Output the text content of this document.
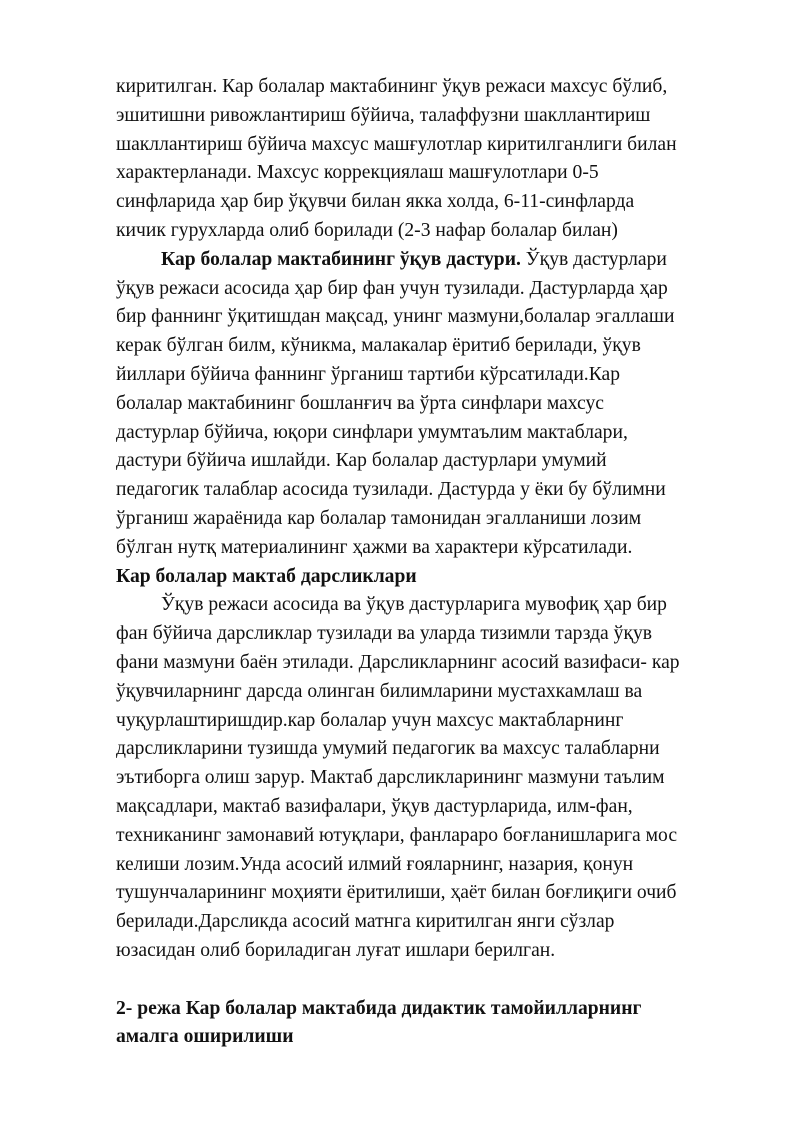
киритилган. Кар болалар мактабининг ўқув режаси махсус бўлиб,
эшитишни ривожлантириш бўйича, талаффузни шакллантириш
шакллантириш бўйича махсус машғулотлар киритилганлиги билан
характерланади. Махсус коррекциялаш машғулотлари 0-5
синфларида ҳар бир ўқувчи билан якка холда, 6-11-синфларда
кичик гурухларда олиб борилади (2-3 нафар болалар билан)
Кар болалар мактабининг ўқув дастури. Ўқув дастурлари
ўқув режаси асосида ҳар бир фан учун тузилади. Дастурларда ҳар
бир фаннинг ўқитишдан мақсад, унинг мазмуни,болалар эгаллаши
керак бўлган билм, кўникма, малакалар ёритиб берилади, ўқув
йиллари бўйича фаннинг ўрганиш тартиби кўрсатилади.Кар
болалар мактабининг бошланғич ва ўрта синфлари махсус
дастурлар бўйича, юқори синфлари умумтаълим мактаблари,
дастури бўйича ишлайди. Кар болалар дастурлари умумий
педагогик талаблар асосида тузилади. Дастурда у ёки бу бўлимни
ўрганиш жараёнида кар болалар тамонидан эгалланиши лозим
бўлган нутқ материалининг ҳажми ва характери кўрсатилади.
Кар болалар мактаб дарсликлари
Ўқув режаси асосида ва ўқув дастурларига мувофиқ ҳар бир
фан бўйича дарсликлар тузилади ва уларда тизимли тарзда ўқув
фани мазмуни баён этилади. Дарсликларнинг асосий вазифаси- кар
ўқувчиларнинг дарсда олинган билимларини мустахкамлаш ва
чуқурлаштиришдир.кар болалар учун махсус мактабларнинг
дарсликларини тузишда умумий педагогик ва махсус талабларни
эътиборга олиш зарур. Мактаб дарсликларининг мазмуни таълим
мақсадлари, мактаб вазифалари, ўқув дастурларида, илм-фан,
техниканинг замонавий ютуқлари, фанлараро боғланишларига мос
келиши лозим.Унда асосий илмий ғояларнинг, назария, қонун
тушунчаларининг моҳияти ёритилиши, ҳаёт билан боғлиқиги очиб
берилади.Дарсликда асосий матнга киритилган янги сўзлар
юзасидан олиб бориладиган луғат ишлари берилган.
2- режа Кар болалар мактабида дидактик тамойилларнинг
амалга оширилиши
